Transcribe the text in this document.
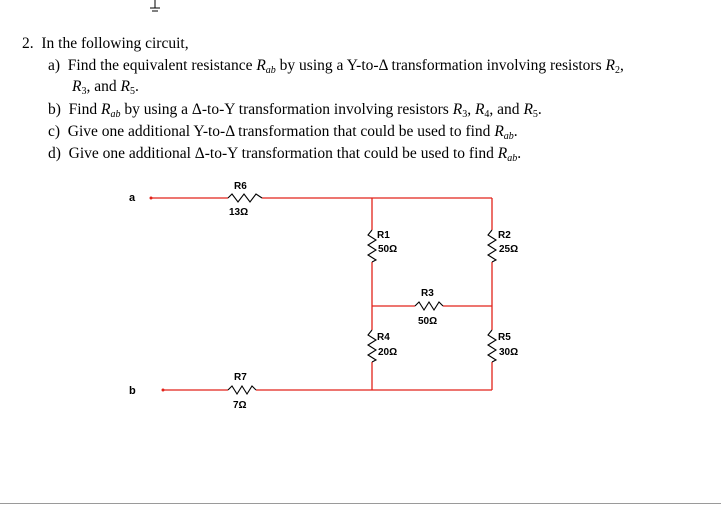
2. In the following circuit,
a) Find the equivalent resistance $R_{ab}$ by using a Y-to-Δ transformation involving resistors $R_2$,
$R_3$, and $R_5$.
b) Find $R_{ab}$ by using a Δ-to-Y transformation involving resistors $R_3$, $R_4$, and $R_5$.
c) Give one additional Y-to-Δ transformation that could be used to find $R_{ab}$.
d) Give one additional Δ-to-Y transformation that could be used to find $R_{ab}$.
a
b
R6
13Ω
R1
50Ω
R2
25Ω
R3
50Ω
R4
20Ω
R5
30Ω
R7
7Ω
